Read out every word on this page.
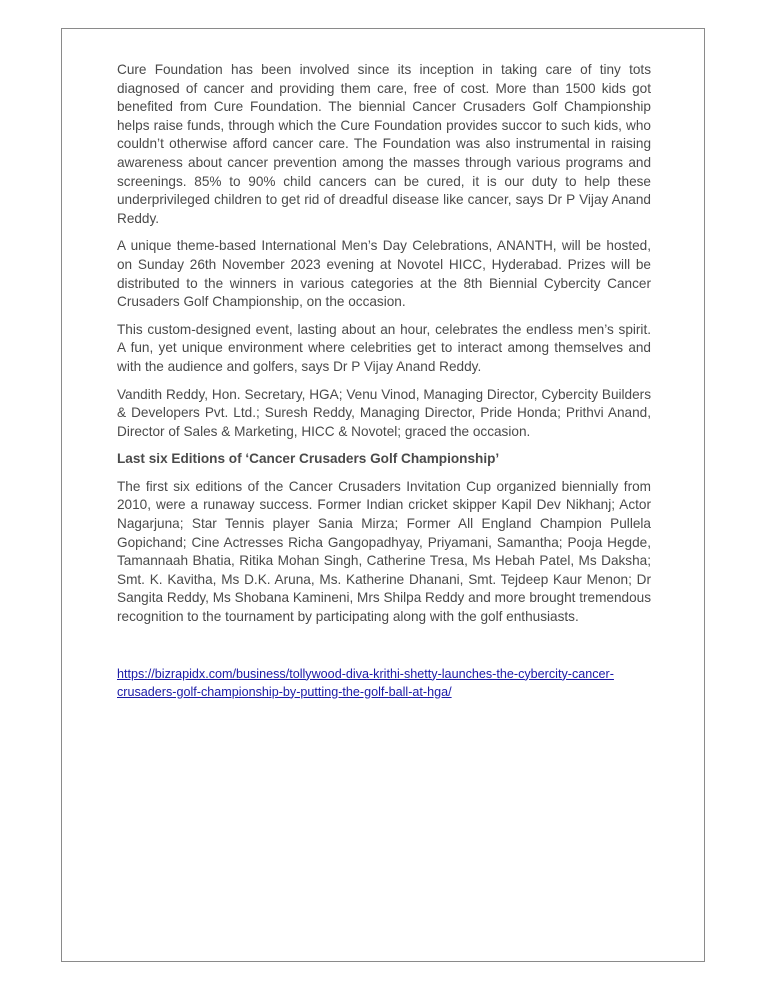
Cure Foundation has been involved since its inception in taking care of tiny tots diagnosed of cancer and providing them care, free of cost. More than 1500 kids got benefited from Cure Foundation. The biennial Cancer Crusaders Golf Championship helps raise funds, through which the Cure Foundation provides succor to such kids, who couldn’t otherwise afford cancer care. The Foundation was also instrumental in raising awareness about cancer prevention among the masses through various programs and screenings. 85% to 90% child cancers can be cured, it is our duty to help these underprivileged children to get rid of dreadful disease like cancer, says Dr P Vijay Anand Reddy.

A unique theme-based International Men’s Day Celebrations, ANANTH, will be hosted, on Sunday 26th November 2023 evening at Novotel HICC, Hyderabad. Prizes will be distributed to the winners in various categories at the 8th Biennial Cybercity Cancer Crusaders Golf Championship, on the occasion.

This custom-designed event, lasting about an hour, celebrates the endless men’s spirit. A fun, yet unique environment where celebrities get to interact among themselves and with the audience and golfers, says Dr P Vijay Anand Reddy.

Vandith Reddy, Hon. Secretary, HGA; Venu Vinod, Managing Director, Cybercity Builders & Developers Pvt. Ltd.; Suresh Reddy, Managing Director, Pride Honda; Prithvi Anand, Director of Sales & Marketing, HICC & Novotel; graced the occasion.

Last six Editions of ‘Cancer Crusaders Golf Championship’

The first six editions of the Cancer Crusaders Invitation Cup organized biennially from 2010, were a runaway success. Former Indian cricket skipper Kapil Dev Nikhanj; Actor Nagarjuna; Star Tennis player Sania Mirza; Former All England Champion Pullela Gopichand; Cine Actresses Richa Gangopadhyay, Priyamani, Samantha; Pooja Hegde, Tamannaah Bhatia, Ritika Mohan Singh, Catherine Tresa, Ms Hebah Patel, Ms Daksha; Smt. K. Kavitha, Ms D.K. Aruna, Ms. Katherine Dhanani, Smt. Tejdeep Kaur Menon; Dr Sangita Reddy, Ms Shobana Kamineni, Mrs Shilpa Reddy and more brought tremendous recognition to the tournament by participating along with the golf enthusiasts.

https://bizrapidx.com/business/tollywood-diva-krithi-shetty-launches-the-cybercity-cancer-crusaders-golf-championship-by-putting-the-golf-ball-at-hga/
